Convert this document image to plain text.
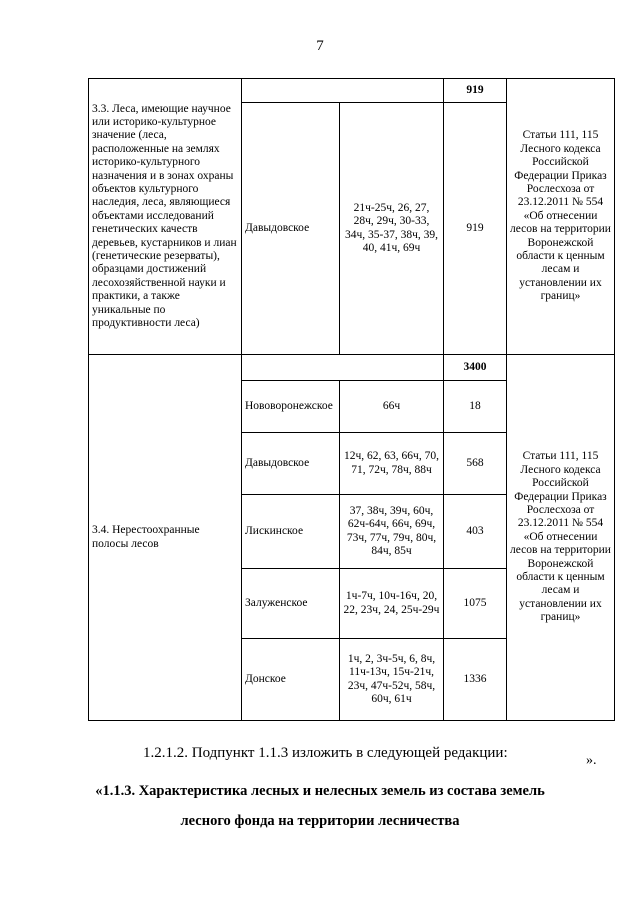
7
3.3. Леса, имеющие научное или историко-культурное значение (леса, расположенные на землях историко-культурного назначения и в зонах охраны объектов культурного наследия, леса, являющиеся объектами исследований генетических качеств деревьев, кустарников и лиан (генетические резерваты), образцами достижений лесохозяйственной науки и практики, а также уникальные по продуктивности леса)			919	Статьи 111, 115 Лесного кодекса Российской Федерации Приказ Рослесхоза от 23.12.2011 № 554 «Об отнесении лесов на территории Воронежской области к ценным лесам и установлении их границ»
	Давыдовское	21ч-25ч, 26, 27, 28ч, 29ч, 30-33, 34ч, 35-37, 38ч, 39, 40, 41ч, 69ч	919	
3.4. Нерестоохранные полосы лесов			3400	Статьи 111, 115 Лесного кодекса Российской Федерации Приказ Рослесхоза от 23.12.2011 № 554 «Об отнесении лесов на территории Воронежской области к ценным лесам и установлении их границ»
	Нововоронежское	66ч	18	
	Давыдовское	12ч, 62, 63, 66ч, 70, 71, 72ч, 78ч, 88ч	568	
	Лискинское	37, 38ч, 39ч, 60ч, 62ч-64ч, 66ч, 69ч, 73ч, 77ч, 79ч, 80ч, 84ч, 85ч	403	
	Залуженское	1ч-7ч, 10ч-16ч, 20, 22, 23ч, 24, 25ч-29ч	1075	
	Донское	1ч, 2, 3ч-5ч, 6, 8ч, 11ч-13ч, 15ч-21ч, 23ч, 47ч-52ч, 58ч, 60ч, 61ч	1336	
».
1.2.1.2. Подпункт 1.1.3 изложить в следующей редакции:
«1.1.3. Характеристика лесных и нелесных земель из состава земель
лесного фонда на территории лесничества
